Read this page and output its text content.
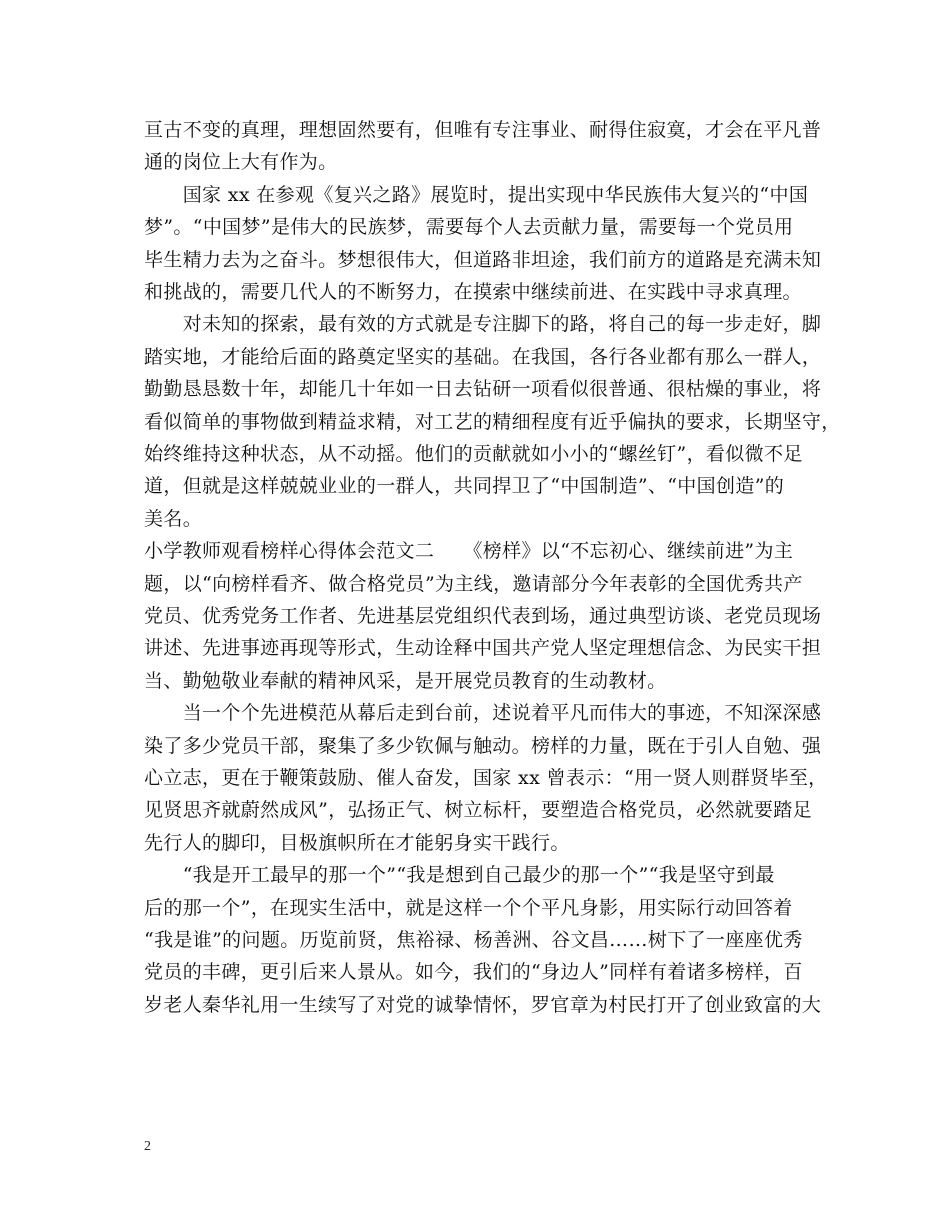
亘古不变的真理，理想固然要有，但唯有专注事业、耐得住寂寞，才会在平凡普
通的岗位上大有作为。
　　国家 xx 在参观《复兴之路》展览时，提出实现中华民族伟大复兴的“中国
梦”。“中国梦”是伟大的民族梦，需要每个人去贡献力量，需要每一个党员用
毕生精力去为之奋斗。梦想很伟大，但道路非坦途，我们前方的道路是充满未知
和挑战的，需要几代人的不断努力，在摸索中继续前进、在实践中寻求真理。
　　对未知的探索，最有效的方式就是专注脚下的路，将自己的每一步走好，脚
踏实地，才能给后面的路奠定坚实的基础。在我国，各行各业都有那么一群人，
勤勤恳恳数十年，却能几十年如一日去钻研一项看似很普通、很枯燥的事业，将
看似简单的事物做到精益求精，对工艺的精细程度有近乎偏执的要求，长期坚守，
始终维持这种状态，从不动摇。他们的贡献就如小小的“螺丝钉”，看似微不足
道，但就是这样兢兢业业的一群人，共同捍卫了“中国制造”、“中国创造”的
美名。
小学教师观看榜样心得体会范文二　　《榜样》以“不忘初心、继续前进”为主
题，以“向榜样看齐、做合格党员”为主线，邀请部分今年表彰的全国优秀共产
党员、优秀党务工作者、先进基层党组织代表到场，通过典型访谈、老党员现场
讲述、先进事迹再现等形式，生动诠释中国共产党人坚定理想信念、为民实干担
当、勤勉敬业奉献的精神风采，是开展党员教育的生动教材。
　　当一个个先进模范从幕后走到台前，述说着平凡而伟大的事迹，不知深深感
染了多少党员干部，聚集了多少钦佩与触动。榜样的力量，既在于引人自勉、强
心立志，更在于鞭策鼓励、催人奋发，国家 xx 曾表示：“用一贤人则群贤毕至，
见贤思齐就蔚然成风”，弘扬正气、树立标杆，要塑造合格党员，必然就要踏足
先行人的脚印，目极旗帜所在才能躬身实干践行。
　　“我是开工最早的那一个”“我是想到自己最少的那一个”“我是坚守到最
后的那一个”，在现实生活中，就是这样一个个平凡身影，用实际行动回答着
“我是谁”的问题。历览前贤，焦裕禄、杨善洲、谷文昌……树下了一座座优秀
党员的丰碑，更引后来人景从。如今，我们的“身边人”同样有着诸多榜样，百
岁老人秦华礼用一生续写了对党的诚挚情怀，罗官章为村民打开了创业致富的大
2
